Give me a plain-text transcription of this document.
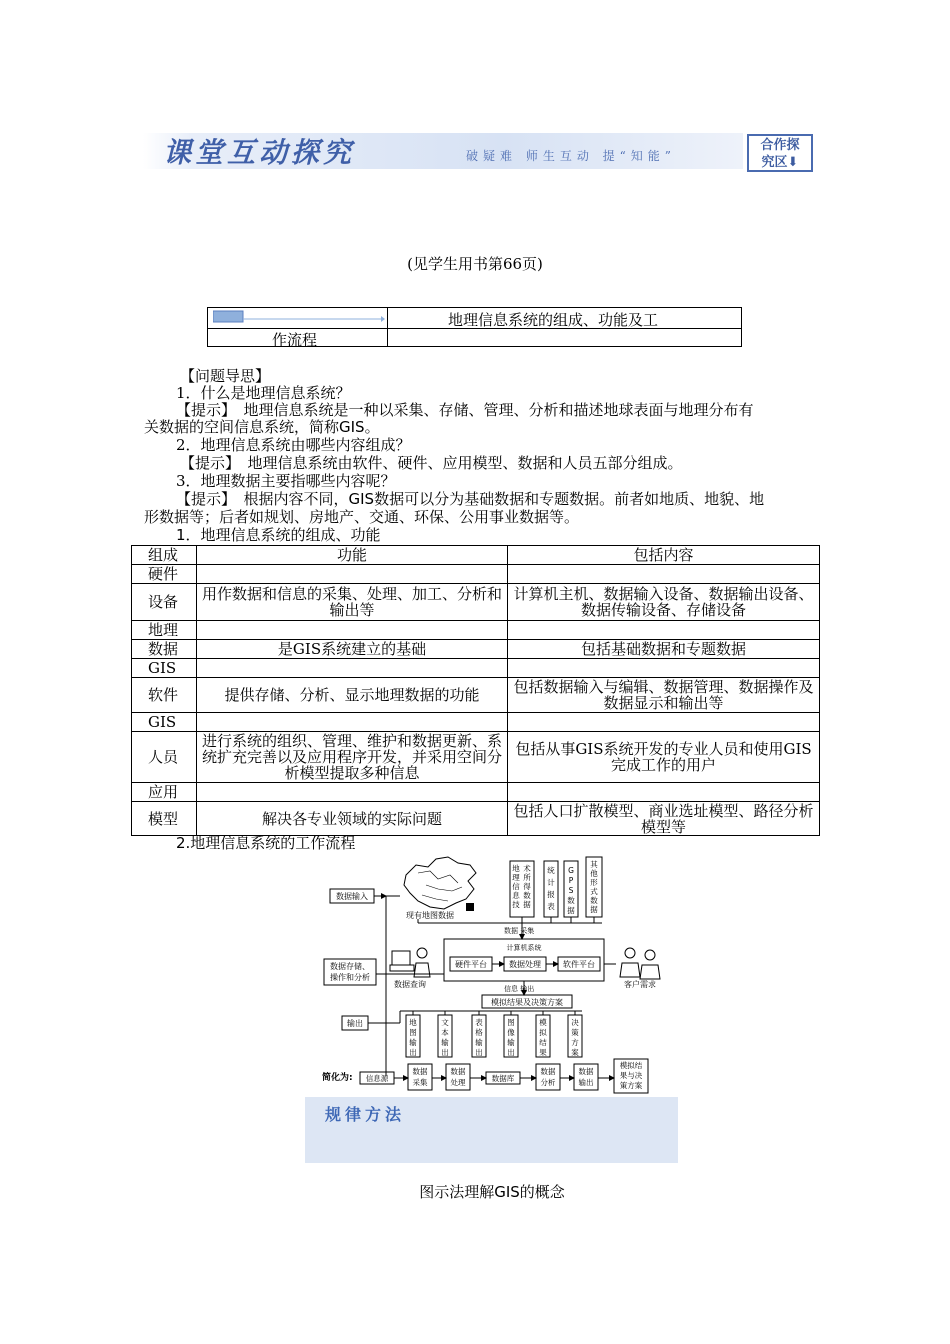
课堂互动探究	破疑难 师生互动 提“知能”
合作探
究区⬇
(见学生用书第66页)
地理信息系统的组成、功能及工
作流程
【问题导思】
1．什么是地理信息系统？
【提示】　地理信息系统是一种以采集、存储、管理、分析和描述地球表面与地理分布有
关数据的空间信息系统，简称GIS。
2．地理信息系统由哪些内容组成？
【提示】　地理信息系统由软件、硬件、应用模型、数据和人员五部分组成。
3．地理数据主要指哪些内容呢？
【提示】　根据内容不同，GIS数据可以分为基础数据和专题数据。前者如地质、地貌、地
形数据等；后者如规划、房地产、交通、环保、公用事业数据等。
1．地理信息系统的组成、功能
组成	功能	包括内容
硬件		
设备	用作数据和信息的采集、处理、加工、分析和输出等	计算机主机、数据输入设备、数据输出设备、数据传输设备、存储设备
地理		
数据	是GIS系统建立的基础	包括基础数据和专题数据
GIS		
软件	提供存储、分析、显示地理数据的功能	包括数据输入与编辑、数据管理、数据操作及数据显示和输出等
GIS		
人员	进行系统的组织、管理、维护和数据更新、系统扩充完善以及应用程序开发，并采用空间分析模型提取多种信息	包括从事GIS系统开发的专业人员和使用GIS完成工作的用户
应用		
模型	解决各专业领域的实际问题	包括人口扩散模型、商业选址模型、路径分析模型等
2.地理信息系统的工作流程
数据输入
现有地图数据
地
理
信
息
技
术
所
得
数
据
统
计
报
表
G
P
S
数
据
其
他
形
式
数
据
数据 采集
计算机系统
硬件平台	数据处理	软件平台
数据存储、
操作和分析
数据查询	客户需求
信息 输出
模拟结果及决策方案
输出	地
图
输
出
文
本
输
出
表
格
输
出
图
像
输
出
模
拟
结
果
决
策
方
案
简化为: 信息源
数据
采集
数据
处理	数据库
数据
分析
数据
输出
模拟结
果与决
策方案
规律方法
图示法理解GIS的概念
